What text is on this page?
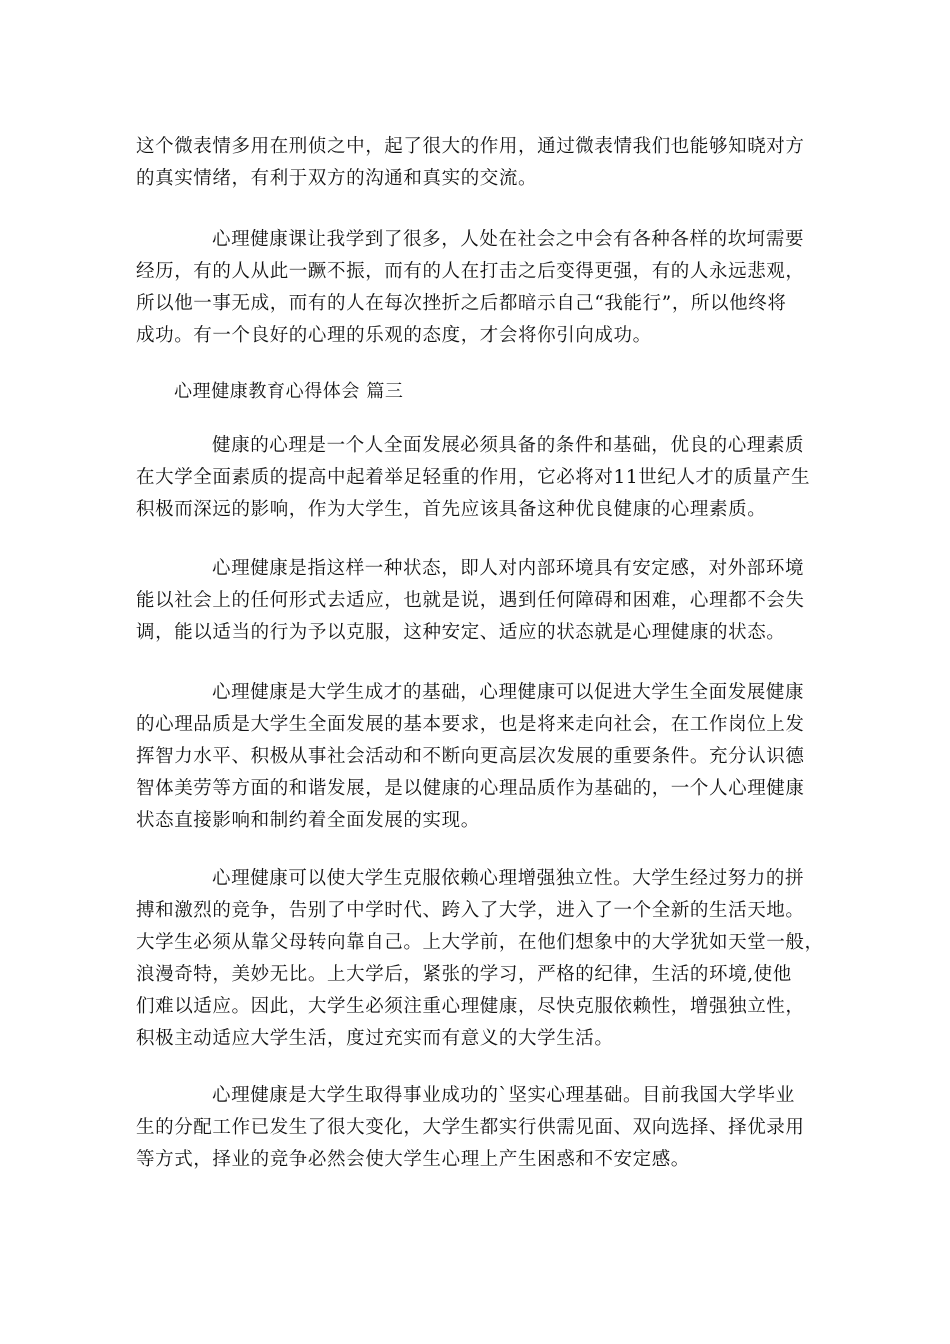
这个微表情多用在刑侦之中，起了很大的作用，通过微表情我们也能够知晓对方
的真实情绪，有利于双方的沟通和真实的交流。

心理健康课让我学到了很多，人处在社会之中会有各种各样的坎坷需要
经历，有的人从此一蹶不振，而有的人在打击之后变得更强，有的人永远悲观，
所以他一事无成，而有的人在每次挫折之后都暗示自己“我能行”，所以他终将
成功。有一个良好的心理的乐观的态度，才会将你引向成功。

心理健康教育心得体会 篇三

健康的心理是一个人全面发展必须具备的条件和基础，优良的心理素质
在大学全面素质的提高中起着举足轻重的作用，它必将对11世纪人才的质量产生
积极而深远的影响，作为大学生，首先应该具备这种优良健康的心理素质。

心理健康是指这样一种状态，即人对内部环境具有安定感，对外部环境
能以社会上的任何形式去适应，也就是说，遇到任何障碍和困难，心理都不会失
调，能以适当的行为予以克服，这种安定、适应的状态就是心理健康的状态。

心理健康是大学生成才的基础，心理健康可以促进大学生全面发展健康
的心理品质是大学生全面发展的基本要求，也是将来走向社会，在工作岗位上发
挥智力水平、积极从事社会活动和不断向更高层次发展的重要条件。充分认识德
智体美劳等方面的和谐发展，是以健康的心理品质作为基础的，一个人心理健康
状态直接影响和制约着全面发展的实现。

心理健康可以使大学生克服依赖心理增强独立性。大学生经过努力的拼
搏和激烈的竞争，告别了中学时代、跨入了大学，进入了一个全新的生活天地。
大学生必须从靠父母转向靠自己。上大学前，在他们想象中的大学犹如天堂一般，
浪漫奇特，美妙无比。上大学后，紧张的学习，严格的纪律，生活的环境,使他
们难以适应。因此，大学生必须注重心理健康，尽快克服依赖性，增强独立性，
积极主动适应大学生活，度过充实而有意义的大学生活。

心理健康是大学生取得事业成功的`坚实心理基础。目前我国大学毕业
生的分配工作已发生了很大变化，大学生都实行供需见面、双向选择、择优录用
等方式，择业的竞争必然会使大学生心理上产生困惑和不安定感。
